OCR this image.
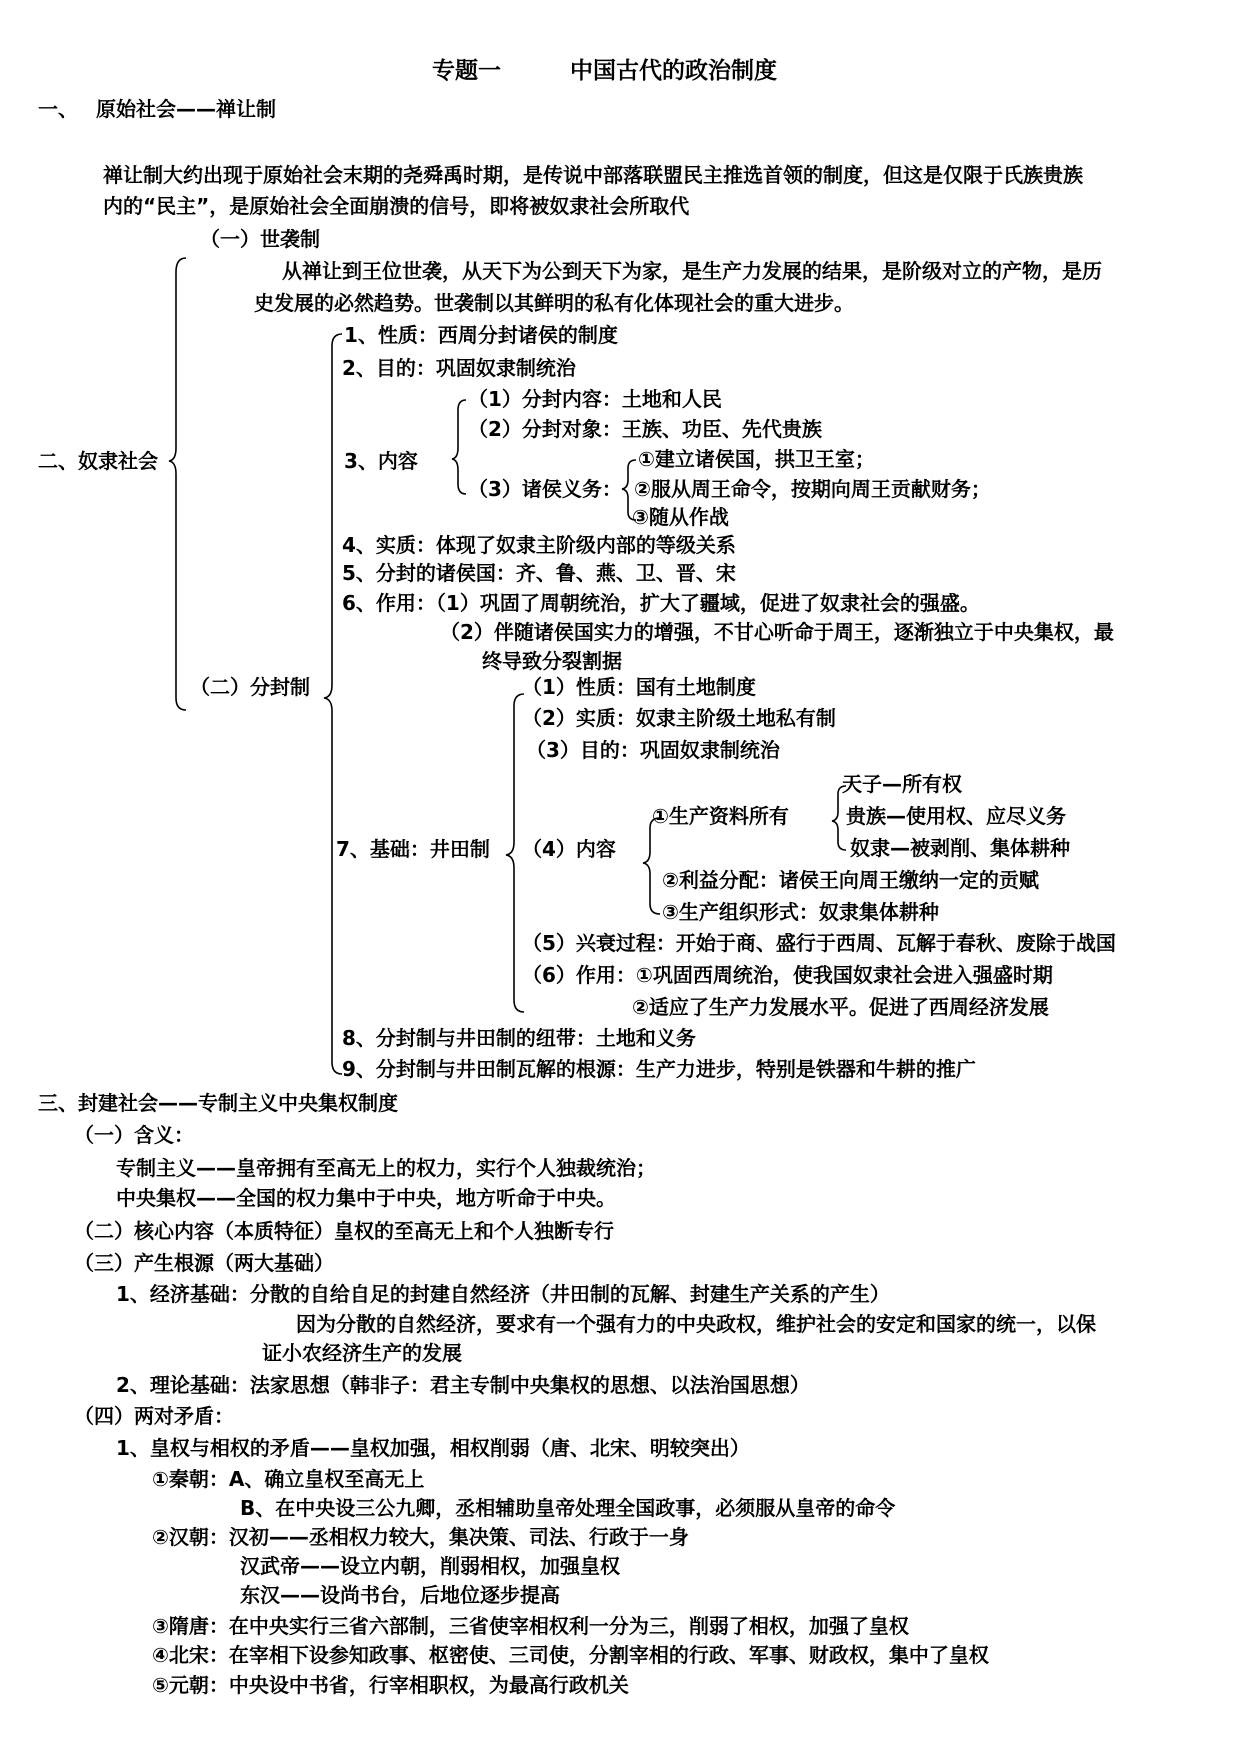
专题一	中国古代的政治制度
一、 原始社会——禅让制
禅让制大约出现于原始社会末期的尧舜禹时期，是传说中部落联盟民主推选首领的制度，但这是仅限于氏族贵族
内的“民主”，是原始社会全面崩溃的信号，即将被奴隶社会所取代
二、奴隶社会
（一）世袭制
从禅让到王位世袭，从天下为公到天下为家，是生产力发展的结果，是阶级对立的产物，是历
史发展的必然趋势。世袭制以其鲜明的私有化体现社会的重大进步。
（二）分封制
1、性质：西周分封诸侯的制度
2、目的：巩固奴隶制统治
3、内容
（1）分封内容：土地和人民
（2）分封对象：王族、功臣、先代贵族
（3）诸侯义务：
①建立诸侯国，拱卫王室；
②服从周王命令，按期向周王贡献财务；
③随从作战
4、实质：体现了奴隶主阶级内部的等级关系
5、分封的诸侯国：齐、鲁、燕、卫、晋、宋
6、作用：（1）巩固了周朝统治，扩大了疆域，促进了奴隶社会的强盛。
（2）伴随诸侯国实力的增强，不甘心听命于周王，逐渐独立于中央集权，最
终导致分裂割据
7、基础：井田制
（1）性质：国有土地制度
（2）实质：奴隶主阶级土地私有制
（3）目的：巩固奴隶制统治
（4）内容
①生产资料所有
天子—所有权
贵族—使用权、应尽义务
奴隶—被剥削、集体耕种
②利益分配：诸侯王向周王缴纳一定的贡赋
③生产组织形式：奴隶集体耕种
（5）兴衰过程：开始于商、盛行于西周、瓦解于春秋、废除于战国
（6）作用：①巩固西周统治，使我国奴隶社会进入强盛时期
②适应了生产力发展水平。促进了西周经济发展
8、分封制与井田制的纽带：土地和义务
9、分封制与井田制瓦解的根源：生产力进步，特别是铁器和牛耕的推广
三、封建社会——专制主义中央集权制度
（一）含义：
专制主义——皇帝拥有至高无上的权力，实行个人独裁统治；
中央集权——全国的权力集中于中央，地方听命于中央。
（二）核心内容（本质特征）皇权的至高无上和个人独断专行
（三）产生根源（两大基础）
1、经济基础：分散的自给自足的封建自然经济（井田制的瓦解、封建生产关系的产生）
因为分散的自然经济，要求有一个强有力的中央政权，维护社会的安定和国家的统一，以保
证小农经济生产的发展
2、理论基础：法家思想（韩非子：君主专制中央集权的思想、以法治国思想）
（四）两对矛盾：
1、皇权与相权的矛盾——皇权加强，相权削弱（唐、北宋、明较突出）
①秦朝：A、确立皇权至高无上
B、在中央设三公九卿，丞相辅助皇帝处理全国政事，必须服从皇帝的命令
②汉朝：汉初——丞相权力较大，集决策、司法、行政于一身
汉武帝——设立内朝，削弱相权，加强皇权
东汉——设尚书台，后地位逐步提高
③隋唐：在中央实行三省六部制，三省使宰相权利一分为三，削弱了相权，加强了皇权
④北宋：在宰相下设参知政事、枢密使、三司使，分割宰相的行政、军事、财政权，集中了皇权
⑤元朝：中央设中书省，行宰相职权，为最高行政机关
